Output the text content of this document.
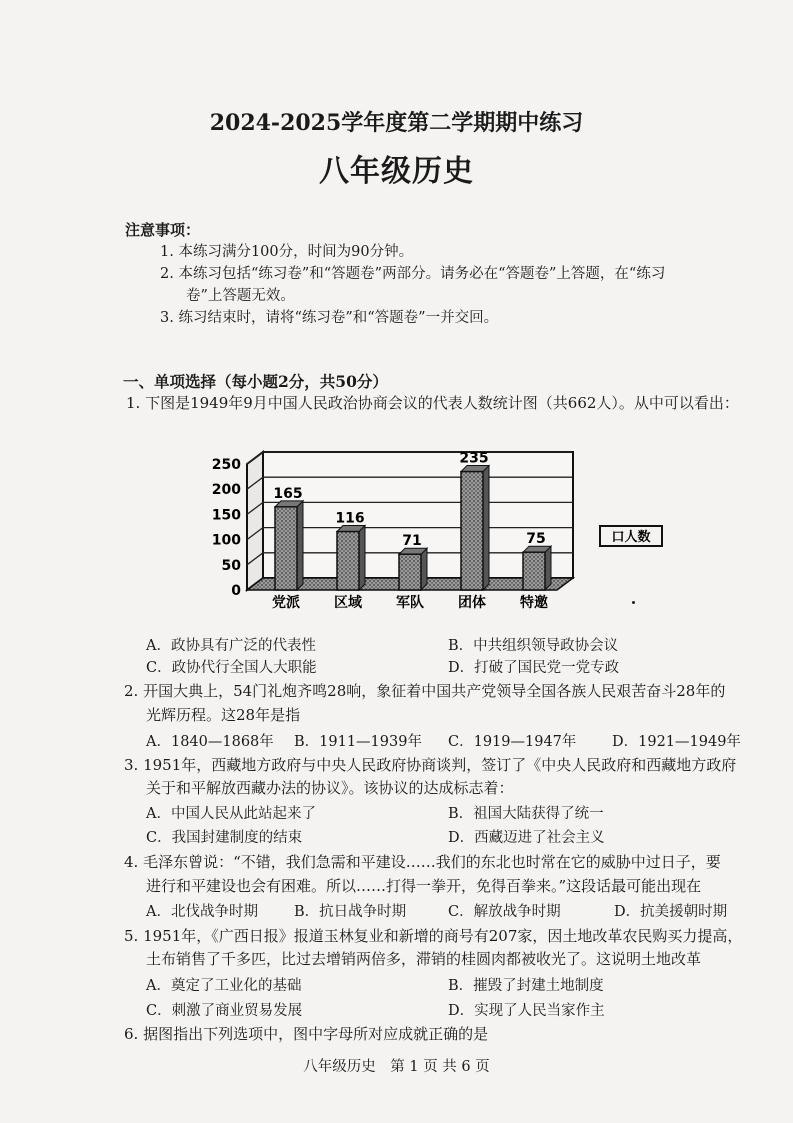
2024-2025学年度第二学期期中练习
八年级历史
注意事项：
1. 本练习满分100分，时间为90分钟。
2. 本练习包括“练习卷”和“答题卷”两部分。请务必在“答题卷”上答题，在“练习
卷”上答题无效。
3. 练习结束时，请将“练习卷”和“答题卷”一并交回。
一、单项选择（每小题2分，共50分）
1. 下图是1949年9月中国人民政治协商会议的代表人数统计图（共662人）。从中可以看出：
0
50
100
150
200
250
165
116
71
235
75
党派 区域 军队 团体 特邀
口人数
A．政协具有广泛的代表性	B．中共组织领导政协会议
C．政协代行全国人大职能	D．打破了国民党一党专政
2. 开国大典上，54门礼炮齐鸣28响，象征着中国共产党领导全国各族人民艰苦奋斗28年的
光辉历程。这28年是指
A．1840—1868年 B．1911—1939年 C．1919—1947年 D．1921—1949年
3. 1951年，西藏地方政府与中央人民政府协商谈判，签订了《中央人民政府和西藏地方政府
关于和平解放西藏办法的协议》。该协议的达成标志着：
A．中国人民从此站起来了	B．祖国大陆获得了统一
C．我国封建制度的结束	D．西藏迈进了社会主义
4. 毛泽东曾说：“不错，我们急需和平建设……我们的东北也时常在它的威胁中过日子，要
进行和平建设也会有困难。所以……打得一拳开，免得百拳来。”这段话最可能出现在
A．北伐战争时期 B．抗日战争时期	C．解放战争时期	D．抗美援朝时期
5. 1951年，《广西日报》报道玉林复业和新增的商号有207家，因土地改革农民购买力提高，
土布销售了千多匹，比过去增销两倍多，滞销的桂圆肉都被收光了。这说明土地改革
A．奠定了工业化的基础	B．摧毁了封建土地制度
C．刺激了商业贸易发展	D．实现了人民当家作主
6. 据图指出下列选项中，图中字母所对应成就正确的是
八年级历史　第 1 页 共 6 页
